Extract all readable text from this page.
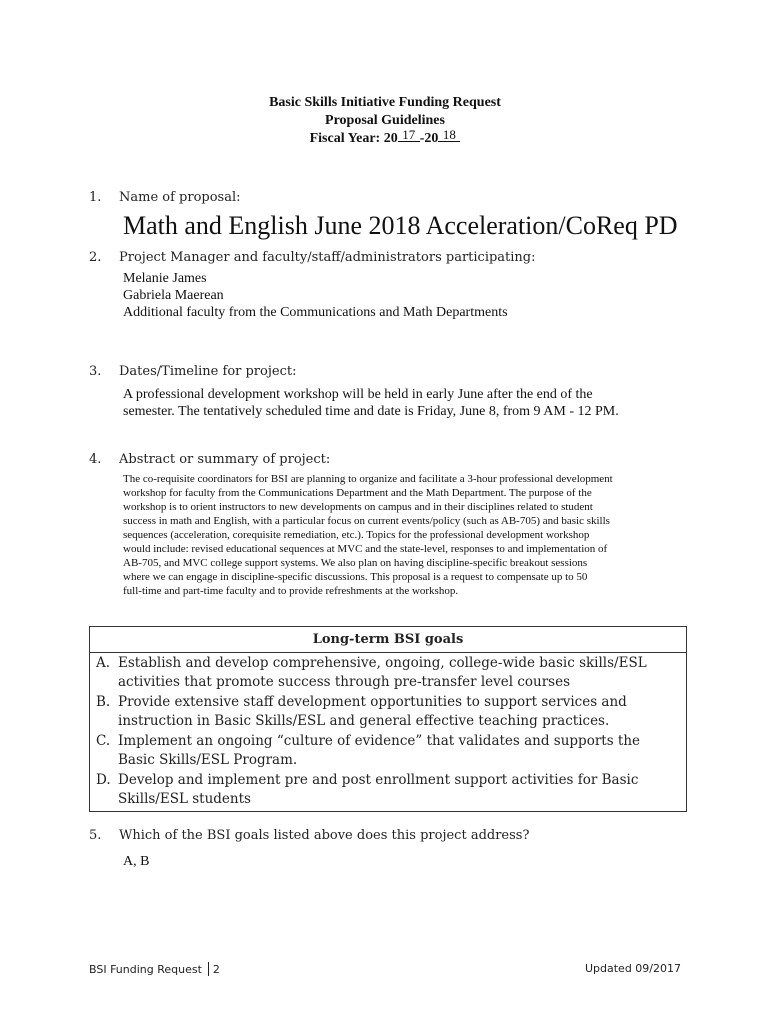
Basic Skills Initiative Funding Request
Proposal Guidelines
Fiscal Year: 20 17 -20 18
1. Name of proposal:
Math and English June 2018 Acceleration/CoReq PD
2. Project Manager and faculty/staff/administrators participating:
Melanie James
Gabriela Maerean
Additional faculty from the Communications and Math Departments
3. Dates/Timeline for project:
A professional development workshop will be held in early June after the end of the
semester. The tentatively scheduled time and date is Friday, June 8, from 9 AM - 12 PM.
4. Abstract or summary of project:
The co-requisite coordinators for BSI are planning to organize and facilitate a 3-hour professional development
workshop for faculty from the Communications Department and the Math Department. The purpose of the
workshop is to orient instructors to new developments on campus and in their disciplines related to student
success in math and English, with a particular focus on current events/policy (such as AB-705) and basic skills
sequences (acceleration, corequisite remediation, etc.). Topics for the professional development workshop
would include: revised educational sequences at MVC and the state-level, responses to and implementation of
AB-705, and MVC college support systems. We also plan on having discipline-specific breakout sessions
where we can engage in discipline-specific discussions. This proposal is a request to compensate up to 50
full-time and part-time faculty and to provide refreshments at the workshop.
Long-term BSI goals
A. Establish and develop comprehensive, ongoing, college-wide basic skills/ESL activities that promote success through pre-transfer level courses
B. Provide extensive staff development opportunities to support services and instruction in Basic Skills/ESL and general effective teaching practices.
C. Implement an ongoing “culture of evidence” that validates and supports the Basic Skills/ESL Program.
D. Develop and implement pre and post enrollment support activities for Basic Skills/ESL students
5. Which of the BSI goals listed above does this project address?
A, B
BSI Funding Request 2	Updated 09/2017
